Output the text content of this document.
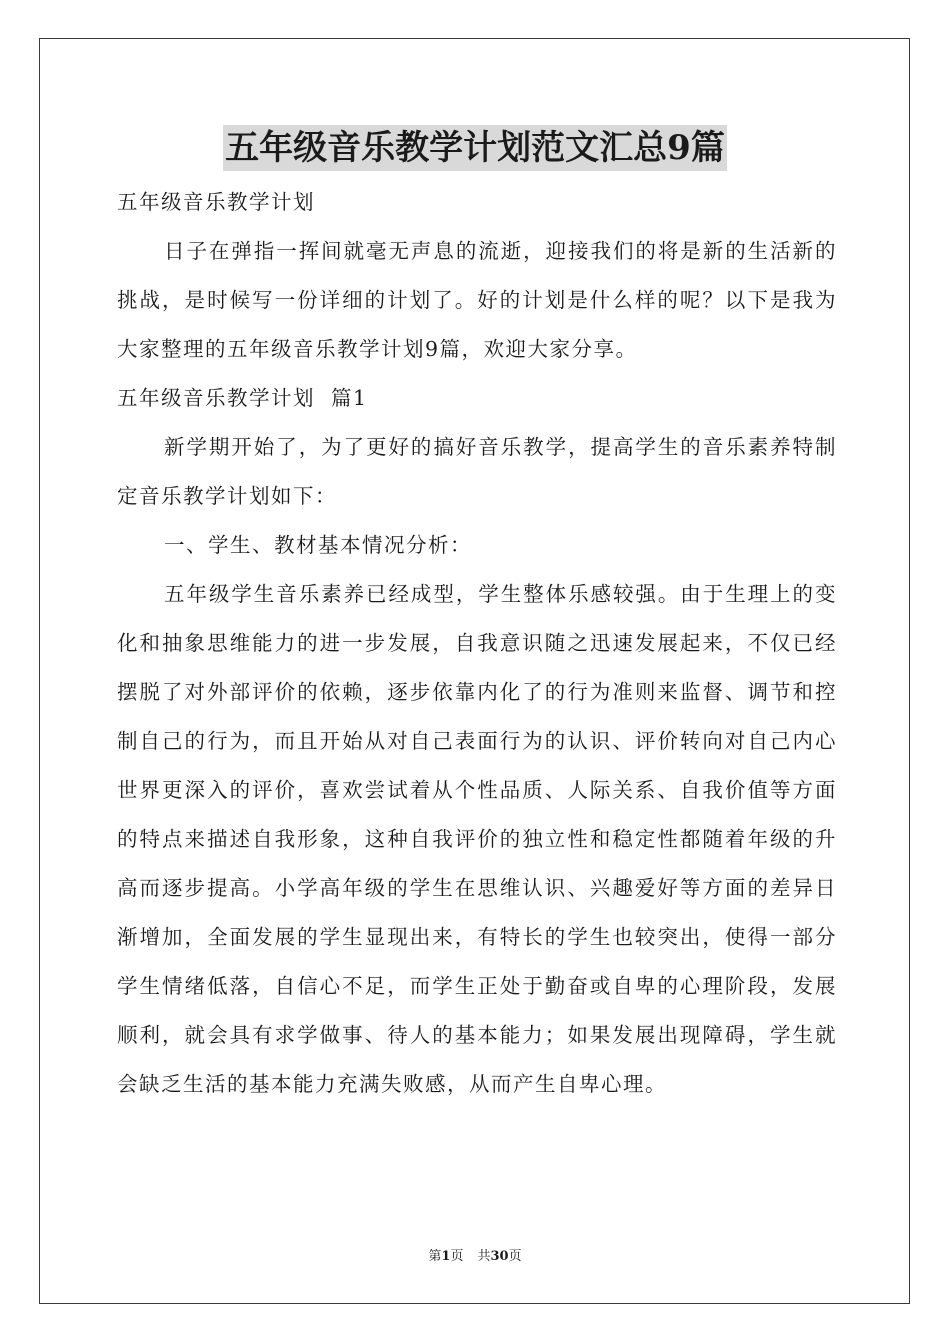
五年级音乐教学计划范文汇总9篇

五年级音乐教学计划

日子在弹指一挥间就毫无声息的流逝，迎接我们的将是新的生活新的挑战，是时候写一份详细的计划了。好的计划是什么样的呢？以下是我为大家整理的五年级音乐教学计划9篇，欢迎大家分享。

五年级音乐教学计划  篇1

新学期开始了，为了更好的搞好音乐教学，提高学生的音乐素养特制定音乐教学计划如下：

一、学生、教材基本情况分析：

五年级学生音乐素养已经成型，学生整体乐感较强。由于生理上的变化和抽象思维能力的进一步发展，自我意识随之迅速发展起来，不仅已经摆脱了对外部评价的依赖，逐步依靠内化了的行为准则来监督、调节和控制自己的行为，而且开始从对自己表面行为的认识、评价转向对自己内心世界更深入的评价，喜欢尝试着从个性品质、人际关系、自我价值等方面的特点来描述自我形象，这种自我评价的独立性和稳定性都随着年级的升高而逐步提高。小学高年级的学生在思维认识、兴趣爱好等方面的差异日渐增加，全面发展的学生显现出来，有特长的学生也较突出，使得一部分学生情绪低落，自信心不足，而学生正处于勤奋或自卑的心理阶段，发展顺利，就会具有求学做事、待人的基本能力；如果发展出现障碍，学生就会缺乏生活的基本能力充满失败感，从而产生自卑心理。

第1页 共30页
